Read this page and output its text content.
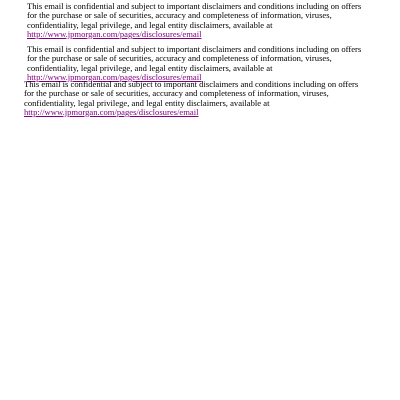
This email is confidential and subject to important disclaimers and conditions including on offers for the purchase or sale of securities, accuracy and completeness of information, viruses, confidentiality, legal privilege, and legal entity disclaimers, available at http://www.jpmorgan.com/pages/disclosures/email

This email is confidential and subject to important disclaimers and conditions including on offers for the purchase or sale of securities, accuracy and completeness of information, viruses, confidentiality, legal privilege, and legal entity disclaimers, available at http://www.jpmorgan.com/pages/disclosures/email

This email is confidential and subject to important disclaimers and conditions including on offers for the purchase or sale of securities, accuracy and completeness of information, viruses, confidentiality, legal privilege, and legal entity disclaimers, available at http://www.jpmorgan.com/pages/disclosures/email
